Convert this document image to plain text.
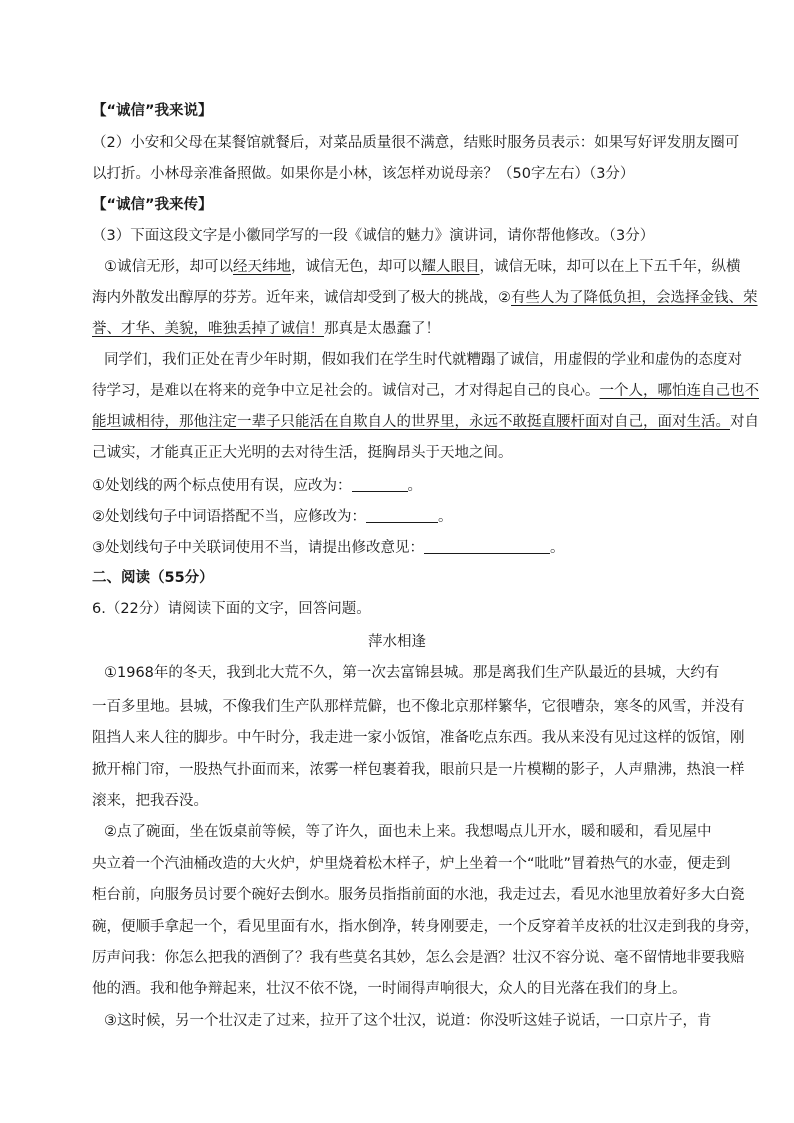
【“诚信”我来说】
（2）小安和父母在某餐馆就餐后，对菜品质量很不满意，结账时服务员表示：如果写好评发朋友圈可
以打折。小林母亲准备照做。如果你是小林，该怎样劝说母亲？（50字左右）（3分）
【“诚信”我来传】
（3）下面这段文字是小徽同学写的一段《诚信的魅力》演讲词，请你帮他修改。（3分）
①诚信无形，却可以经天纬地，诚信无色，却可以耀人眼目，诚信无味，却可以在上下五千年，纵横
海内外散发出醇厚的芬芳。近年来，诚信却受到了极大的挑战，②有些人为了降低负担，会选择金钱、荣
誉、才华、美貌，唯独丢掉了诚信！那真是太愚蠢了！
同学们，我们正处在青少年时期，假如我们在学生时代就糟蹋了诚信，用虚假的学业和虚伪的态度对
待学习，是难以在将来的竞争中立足社会的。诚信对己，才对得起自己的良心。一个人，哪怕连自己也不
能坦诚相待，那他注定一辈子只能活在自欺自人的世界里，永远不敢挺直腰杆面对自己，面对生活。对自
己诚实，才能真正正大光明的去对待生活，挺胸昂头于天地之间。
①处划线的两个标点使用有误，应改为：	。
②处划线句子中词语搭配不当，应修改为：	。
③处划线句子中关联词使用不当，请提出修改意见：	。
二、阅读（55分）
6.（22分）请阅读下面的文字，回答问题。
萍水相逢
①1968年的冬天，我到北大荒不久，第一次去富锦县城。那是离我们生产队最近的县城，大约有
一百多里地。县城，不像我们生产队那样荒僻，也不像北京那样繁华，它很嘈杂，寒冬的风雪，并没有
阻挡人来人往的脚步。中午时分，我走进一家小饭馆，准备吃点东西。我从来没有见过这样的饭馆，刚
掀开棉门帘，一股热气扑面而来，浓雾一样包裹着我，眼前只是一片模糊的影子，人声鼎沸，热浪一样
滚来，把我吞没。
②点了碗面，坐在饭桌前等候，等了许久，面也未上来。我想喝点儿开水，暖和暖和，看见屋中
央立着一个汽油桶改造的大火炉，炉里烧着松木样子，炉上坐着一个“吡吡”冒着热气的水壶，便走到
柜台前，向服务员讨要个碗好去倒水。服务员指指前面的水池，我走过去，看见水池里放着好多大白瓷
碗，便顺手拿起一个，看见里面有水，指水倒净，转身刚要走，一个反穿着羊皮袄的壮汉走到我的身旁，
厉声问我：你怎么把我的酒倒了？我有些莫名其妙，怎么会是酒？壮汉不容分说、毫不留情地非要我赔
他的酒。我和他争辩起来，壮汉不依不饶，一时闹得声响很大，众人的目光落在我们的身上。
③这时候，另一个壮汉走了过来，拉开了这个壮汉，说道：你没听这娃子说话，一口京片子，肯
